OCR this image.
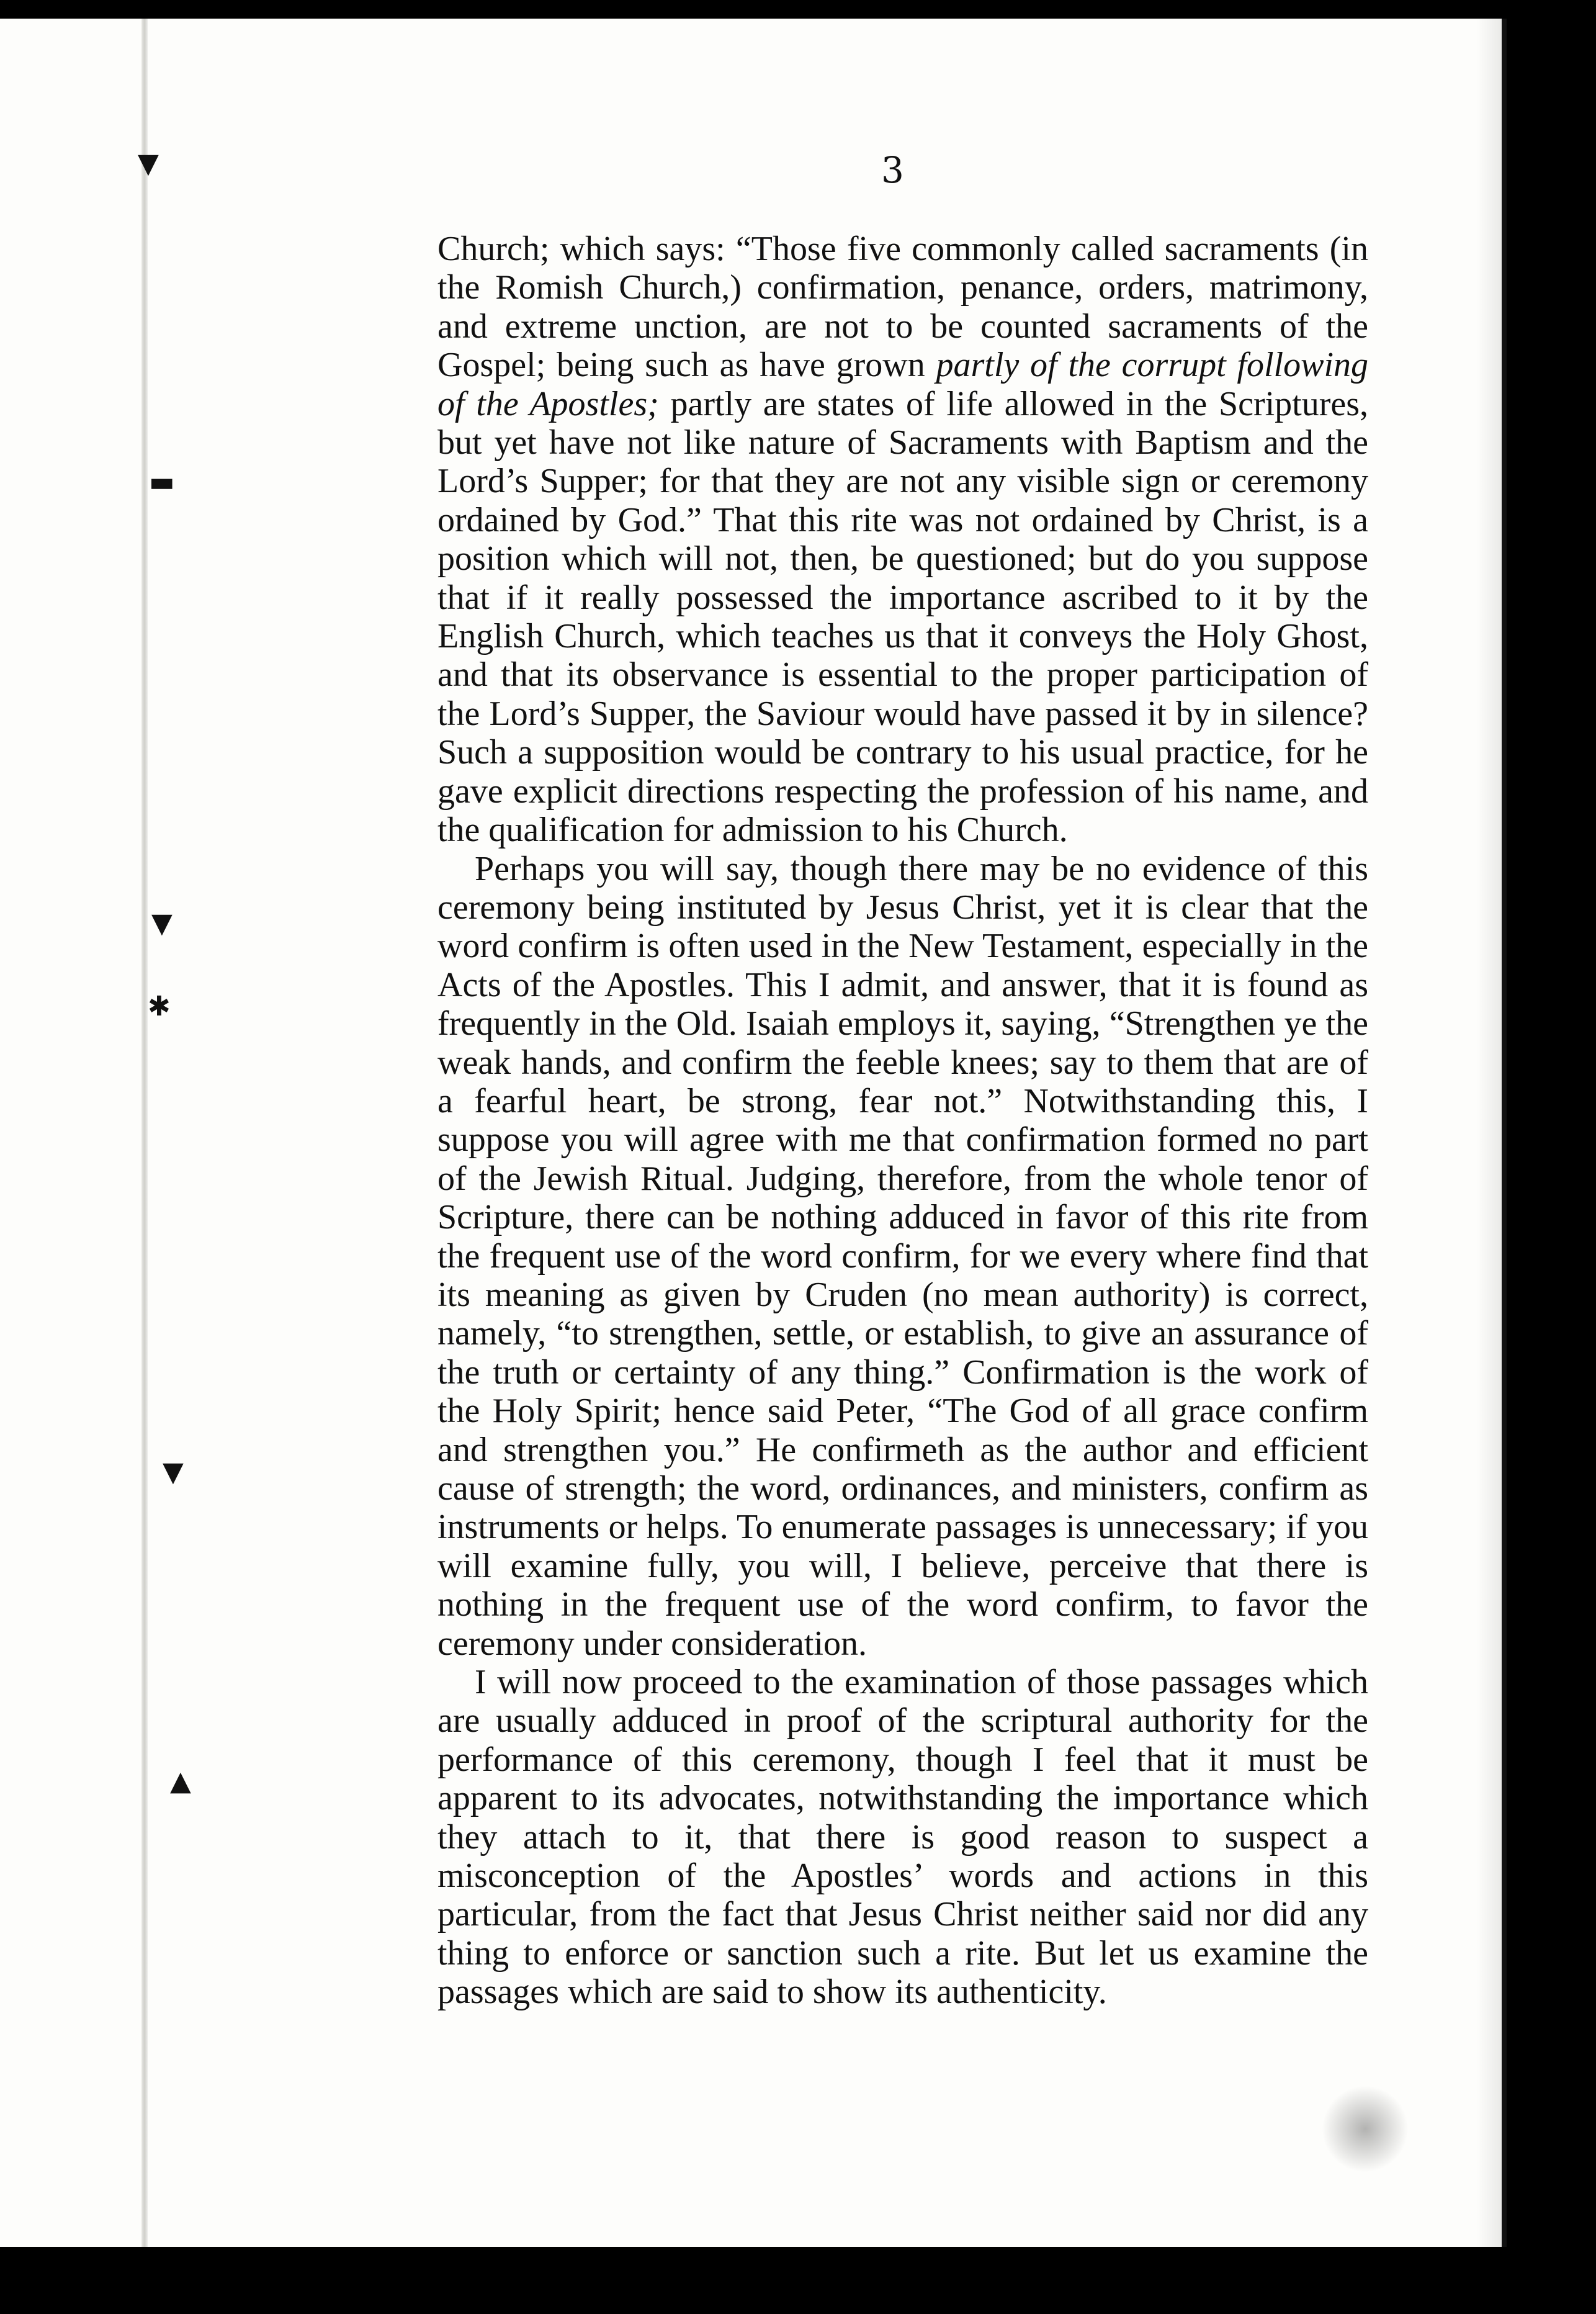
▼
▬
▼
✱
▼
▲
3

Church; which says: “Those five commonly called sacraments (in the Romish Church,) confirmation, penance, orders, matrimony, and extreme unction, are not to be counted sacraments of the Gospel; being such as have grown partly of the corrupt following of the Apostles; partly are states of life allowed in the Scriptures, but yet have not like nature of Sacraments with Baptism and the Lord’s Supper; for that they are not any visible sign or ceremony ordained by God.” That this rite was not ordained by Christ, is a position which will not, then, be questioned; but do you suppose that if it really possessed the importance ascribed to it by the English Church, which teaches us that it conveys the Holy Ghost, and that its observance is essential to the proper participation of the Lord’s Supper, the Saviour would have passed it by in silence? Such a supposition would be contrary to his usual practice, for he gave explicit directions respecting the profession of his name, and the qualification for admission to his Church.

Perhaps you will say, though there may be no evidence of this ceremony being instituted by Jesus Christ, yet it is clear that the word confirm is often used in the New Testament, especially in the Acts of the Apostles. This I admit, and answer, that it is found as frequently in the Old. Isaiah employs it, saying, “Strengthen ye the weak hands, and confirm the feeble knees; say to them that are of a fearful heart, be strong, fear not.” Notwithstanding this, I suppose you will agree with me that confirmation formed no part of the Jewish Ritual. Judging, therefore, from the whole tenor of Scripture, there can be nothing adduced in favor of this rite from the frequent use of the word confirm, for we every where find that its meaning as given by Cruden (no mean authority) is correct, namely, “to strengthen, settle, or establish, to give an assurance of the truth or certainty of any thing.” Confirmation is the work of the Holy Spirit; hence said Peter, “The God of all grace confirm and strengthen you.” He confirmeth as the author and efficient cause of strength; the word, ordinances, and ministers, confirm as instruments or helps. To enumerate passages is unnecessary; if you will examine fully, you will, I believe, perceive that there is nothing in the frequent use of the word confirm, to favor the ceremony under consideration.

I will now proceed to the examination of those passages which are usually adduced in proof of the scriptural authority for the performance of this ceremony, though I feel that it must be apparent to its advocates, notwithstanding the importance which they attach to it, that there is good reason to suspect a misconception of the Apostles’ words and actions in this particular, from the fact that Jesus Christ neither said nor did any thing to enforce or sanction such a rite. But let us examine the passages which are said to show its authenticity.
